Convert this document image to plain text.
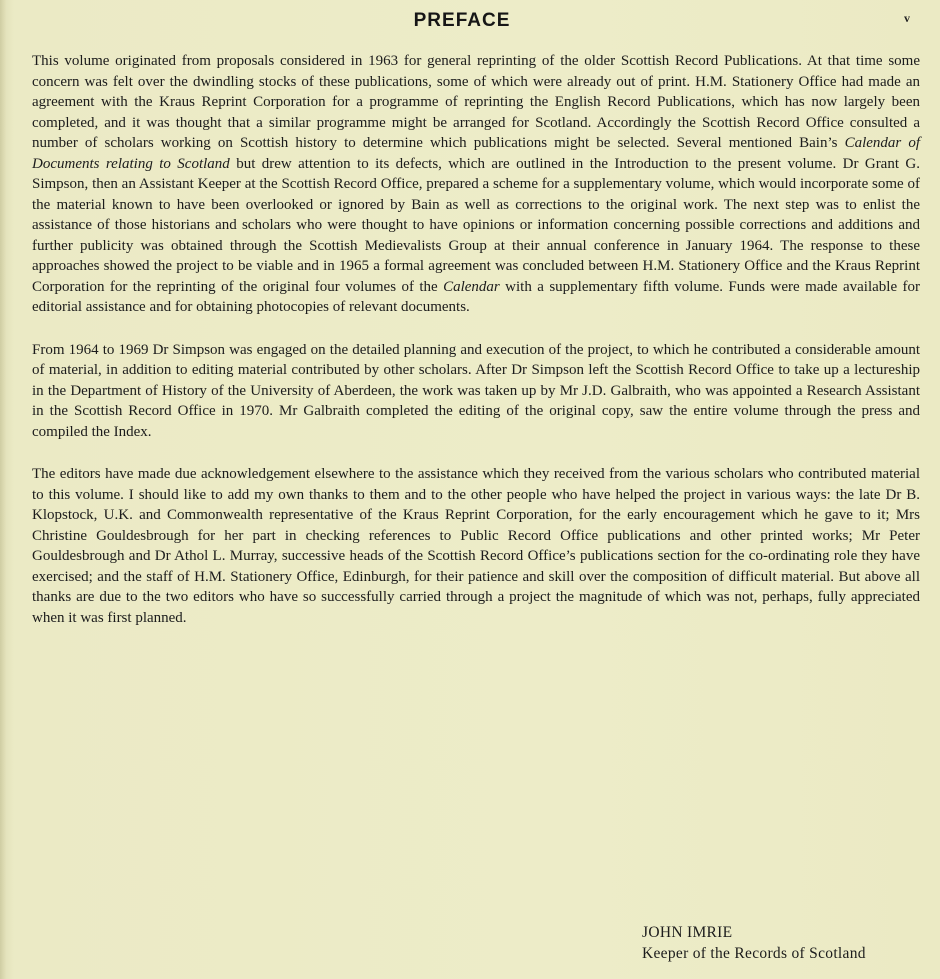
PREFACE	v

This volume originated from proposals considered in 1963 for general reprinting of the older Scottish Record Publications. At that time some concern was felt over the dwindling stocks of these publications, some of which were already out of print. H.M. Stationery Office had made an agreement with the Kraus Reprint Corporation for a programme of reprinting the English Record Publications, which has now largely been completed, and it was thought that a similar programme might be arranged for Scotland. Accordingly the Scottish Record Office consulted a number of scholars working on Scottish history to determine which publications might be selected. Several mentioned Bain’s Calendar of Documents relating to Scotland but drew attention to its defects, which are outlined in the Introduction to the present volume. Dr Grant G. Simpson, then an Assistant Keeper at the Scottish Record Office, prepared a scheme for a supplementary volume, which would incorporate some of the material known to have been overlooked or ignored by Bain as well as corrections to the original work. The next step was to enlist the assistance of those historians and scholars who were thought to have opinions or information concerning possible corrections and additions and further publicity was obtained through the Scottish Medievalists Group at their annual conference in January 1964. The response to these approaches showed the project to be viable and in 1965 a formal agreement was concluded between H.M. Stationery Office and the Kraus Reprint Corporation for the reprinting of the original four volumes of the Calendar with a supplementary fifth volume. Funds were made available for editorial assistance and for obtaining photocopies of relevant documents.

From 1964 to 1969 Dr Simpson was engaged on the detailed planning and execution of the project, to which he contributed a considerable amount of material, in addition to editing material contributed by other scholars. After Dr Simpson left the Scottish Record Office to take up a lectureship in the Department of History of the University of Aberdeen, the work was taken up by Mr J.D. Galbraith, who was appointed a Research Assistant in the Scottish Record Office in 1970. Mr Galbraith completed the editing of the original copy, saw the entire volume through the press and compiled the Index.

The editors have made due acknowledgement elsewhere to the assistance which they received from the various scholars who contributed material to this volume. I should like to add my own thanks to them and to the other people who have helped the project in various ways: the late Dr B. Klopstock, U.K. and Commonwealth representative of the Kraus Reprint Corporation, for the early encouragement which he gave to it; Mrs Christine Gouldesbrough for her part in checking references to Public Record Office publications and other printed works; Mr Peter Gouldesbrough and Dr Athol L. Murray, successive heads of the Scottish Record Office’s publications section for the co-ordinating role they have exercised; and the staff of H.M. Stationery Office, Edinburgh, for their patience and skill over the composition of difficult material. But above all thanks are due to the two editors who have so successfully carried through a project the magnitude of which was not, perhaps, fully appreciated when it was first planned.

JOHN IMRIE
Keeper of the Records of Scotland
